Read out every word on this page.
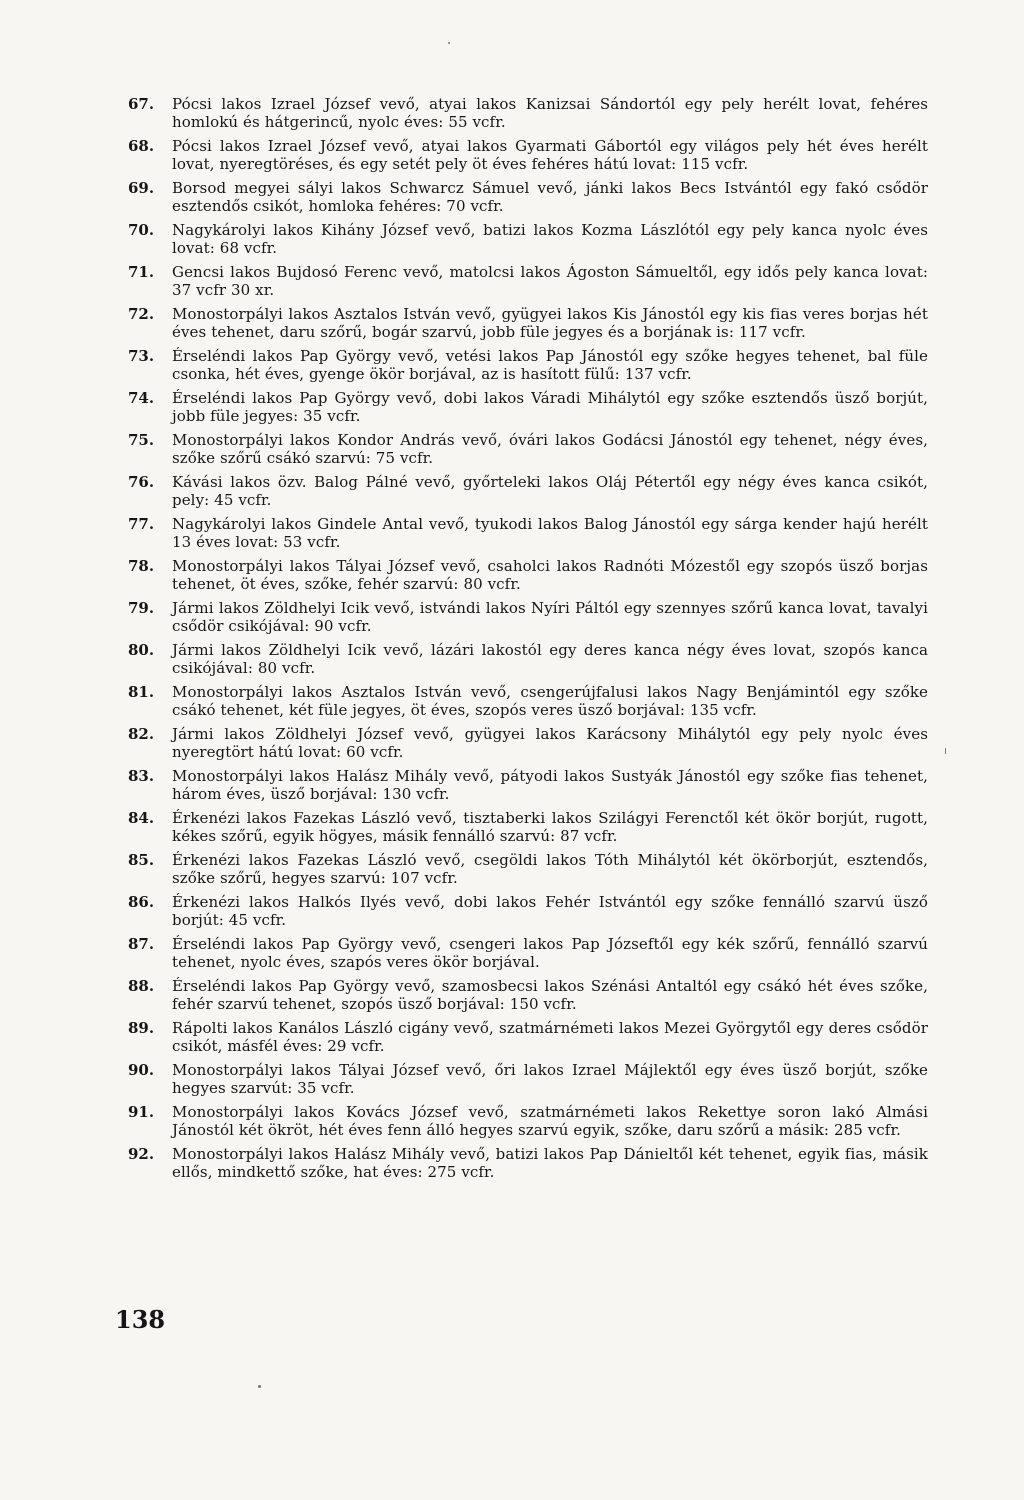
67.	Pócsi lakos Izrael József vevő, atyai lakos Kanizsai Sándortól egy pely herélt lovat, fehéres homlokú és hátgerincű, nyolc éves: 55 vcfr.
68.	Pócsi lakos Izrael József vevő, atyai lakos Gyarmati Gábortól egy világos pely hét éves herélt lovat, nyeregtöréses, és egy setét pely öt éves fehéres hátú lovat: 115 vcfr.
69.	Borsod megyei sályi lakos Schwarcz Sámuel vevő, jánki lakos Becs Istvántól egy fakó csődör esztendős csikót, homloka fehéres: 70 vcfr.
70.	Nagykárolyi lakos Kihány József vevő, batizi lakos Kozma Lászlótól egy pely kanca nyolc éves lovat: 68 vcfr.
71.	Gencsi lakos Bujdosó Ferenc vevő, matolcsi lakos Ágoston Sámueltől, egy idős pely kanca lovat: 37 vcfr 30 xr.
72.	Monostorpályi lakos Asztalos István vevő, gyügyei lakos Kis Jánostól egy kis fias veres borjas hét éves tehenet, daru szőrű, bogár szarvú, jobb füle jegyes és a borjának is: 117 vcfr.
73.	Érseléndi lakos Pap György vevő, vetési lakos Pap Jánostól egy szőke hegyes tehenet, bal füle csonka, hét éves, gyenge ökör borjával, az is hasított fülű: 137 vcfr.
74.	Érseléndi lakos Pap György vevő, dobi lakos Váradi Mihálytól egy szőke esztendős üsző borjút, jobb füle jegyes: 35 vcfr.
75.	Monostorpályi lakos Kondor András vevő, óvári lakos Godácsi Jánostól egy tehenet, négy éves, szőke szőrű csákó szarvú: 75 vcfr.
76.	Kávási lakos özv. Balog Pálné vevő, győrteleki lakos Oláj Pétertől egy négy éves kanca csikót, pely: 45 vcfr.
77.	Nagykárolyi lakos Gindele Antal vevő, tyukodi lakos Balog Jánostól egy sárga kender hajú herélt 13 éves lovat: 53 vcfr.
78.	Monostorpályi lakos Tályai József vevő, csaholci lakos Radnóti Mózestől egy szopós üsző borjas tehenet, öt éves, szőke, fehér szarvú: 80 vcfr.
79.	Jármi lakos Zöldhelyi Icik vevő, istvándi lakos Nyíri Páltól egy szennyes szőrű kanca lovat, tavalyi csődör csikójával: 90 vcfr.
80.	Jármi lakos Zöldhelyi Icik vevő, lázári lakostól egy deres kanca négy éves lovat, szopós kanca csikójával: 80 vcfr.
81.	Monostorpályi lakos Asztalos István vevő, csengerújfalusi lakos Nagy Benjámintól egy szőke csákó tehenet, két füle jegyes, öt éves, szopós veres üsző borjával: 135 vcfr.
82.	Jármi lakos Zöldhelyi József vevő, gyügyei lakos Karácsony Mihálytól egy pely nyolc éves nyeregtört hátú lovat: 60 vcfr.
83.	Monostorpályi lakos Halász Mihály vevő, pátyodi lakos Sustyák Jánostól egy szőke fias tehenet, három éves, üsző borjával: 130 vcfr.
84.	Érkenézi lakos Fazekas László vevő, tisztaberki lakos Szilágyi Ferenctől két ökör borjút, rugott, kékes szőrű, egyik högyes, másik fennálló szarvú: 87 vcfr.
85.	Érkenézi lakos Fazekas László vevő, csegöldi lakos Tóth Mihálytól két ökörborjút, esztendős, szőke szőrű, hegyes szarvú: 107 vcfr.
86.	Érkenézi lakos Halkós Ilyés vevő, dobi lakos Fehér Istvántól egy szőke fennálló szarvú üsző borjút: 45 vcfr.
87.	Érseléndi lakos Pap György vevő, csengeri lakos Pap Józseftől egy kék szőrű, fennálló szarvú tehenet, nyolc éves, szapós veres ökör borjával.
88.	Érseléndi lakos Pap György vevő, szamosbecsi lakos Szénási Antaltól egy csákó hét éves szőke, fehér szarvú tehenet, szopós üsző borjával: 150 vcfr.
89.	Rápolti lakos Kanálos László cigány vevő, szatmárnémeti lakos Mezei Györgytől egy deres csődör csikót, másfél éves: 29 vcfr.
90.	Monostorpályi lakos Tályai József vevő, őri lakos Izrael Májlektől egy éves üsző borjút, szőke hegyes szarvút: 35 vcfr.
91.	Monostorpályi lakos Kovács József vevő, szatmárnémeti lakos Rekettye soron lakó Almási Jánostól két ökröt, hét éves fenn álló hegyes szarvú egyik, szőke, daru szőrű a másik: 285 vcfr.
92.	Monostorpályi lakos Halász Mihály vevő, batizi lakos Pap Dánieltől két tehenet, egyik fias, másik ellős, mindkettő szőke, hat éves: 275 vcfr.
138
